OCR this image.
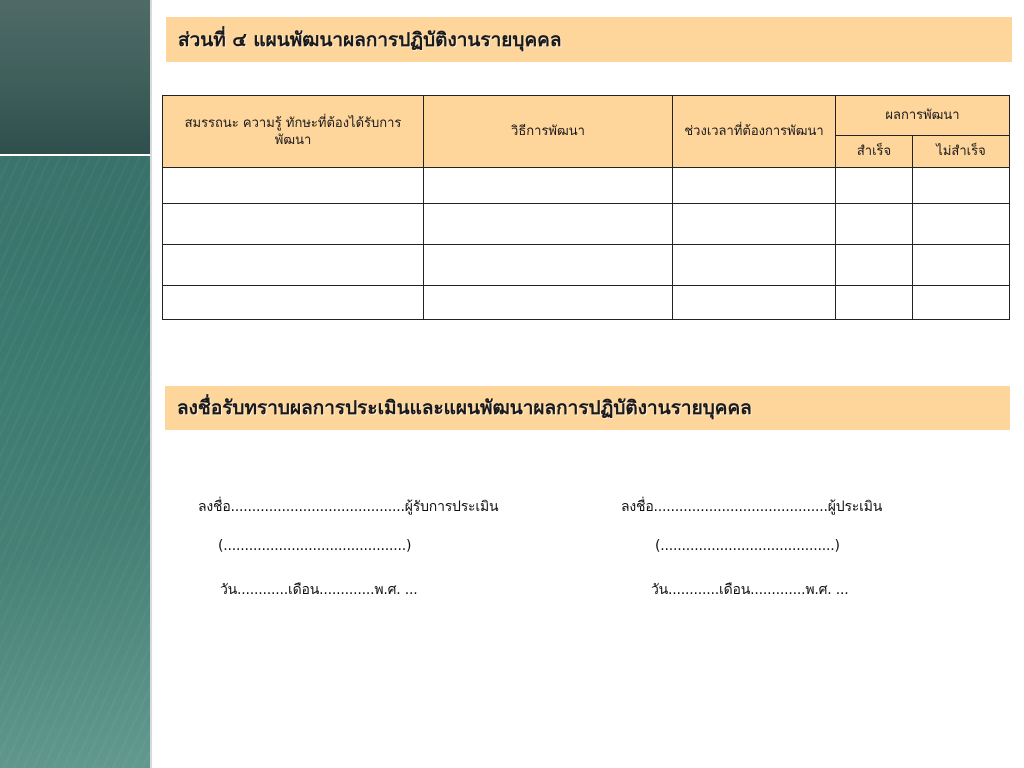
ส่วนที่ ๔ แผนพัฒนาผลการปฏิบัติงานรายบุคคล
สมรรถนะ ความรู้ ทักษะที่ต้องได้รับการพัฒนา	วิธีการพัฒนา	ช่วงเวลาที่ต้องการพัฒนา	ผลการพัฒนา	
			สำเร็จ	ไม่สำเร็จ

ลงชื่อรับทราบผลการประเมินและแผนพัฒนาผลการปฏิบัติงานรายบุคคล
ลงชื่อ.........................................ผู้รับการประเมิน
(...........................................)
วัน............เดือน.............พ.ศ. ...
ลงชื่อ.........................................ผู้ประเมิน
(.........................................)
วัน............เดือน.............พ.ศ. ...
